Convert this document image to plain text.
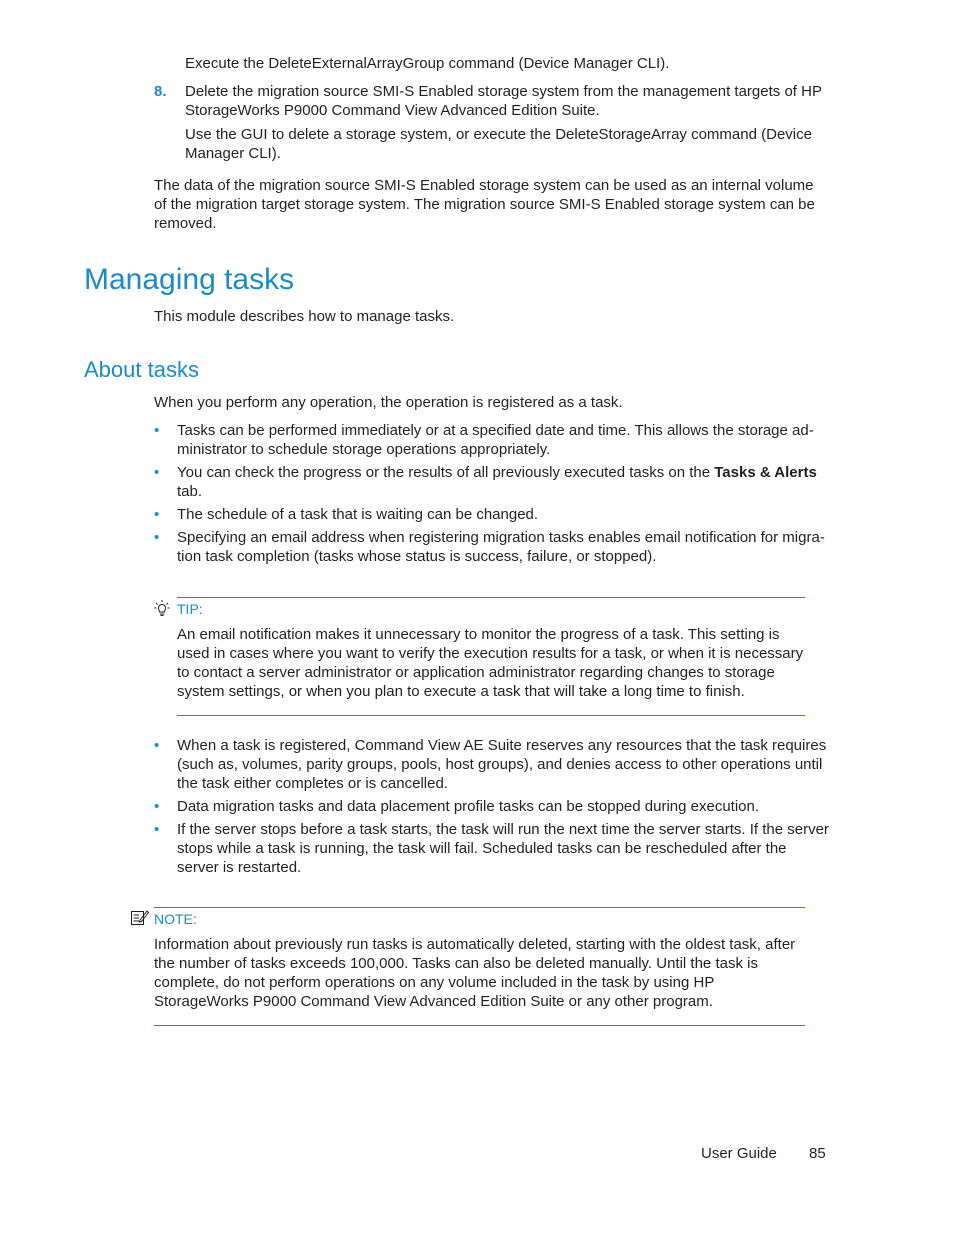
Execute the DeleteExternalArrayGroup command (Device Manager CLI).

8. Delete the migration source SMI-S Enabled storage system from the management targets of HP StorageWorks P9000 Command View Advanced Edition Suite.

Use the GUI to delete a storage system, or execute the DeleteStorageArray command (Device Manager CLI).

The data of the migration source SMI-S Enabled storage system can be used as an internal volume of the migration target storage system. The migration source SMI-S Enabled storage system can be removed.

Managing tasks

This module describes how to manage tasks.

About tasks

When you perform any operation, the operation is registered as a task.

• Tasks can be performed immediately or at a specified date and time. This allows the storage ad-ministrator to schedule storage operations appropriately.

• You can check the progress or the results of all previously executed tasks on the Tasks & Alerts tab.

• The schedule of a task that is waiting can be changed.

• Specifying an email address when registering migration tasks enables email notification for migra-tion task completion (tasks whose status is success, failure, or stopped).

TIP:

An email notification makes it unnecessary to monitor the progress of a task. This setting is used in cases where you want to verify the execution results for a task, or when it is necessary to contact a server administrator or application administrator regarding changes to storage system settings, or when you plan to execute a task that will take a long time to finish.

• When a task is registered, Command View AE Suite reserves any resources that the task requires (such as, volumes, parity groups, pools, host groups), and denies access to other operations until the task either completes or is cancelled.

• Data migration tasks and data placement profile tasks can be stopped during execution.

• If the server stops before a task starts, the task will run the next time the server starts. If the server stops while a task is running, the task will fail. Scheduled tasks can be rescheduled after the server is restarted.

NOTE:

Information about previously run tasks is automatically deleted, starting with the oldest task, after the number of tasks exceeds 100,000. Tasks can also be deleted manually. Until the task is complete, do not perform operations on any volume included in the task by using HP StorageWorks P9000 Command View Advanced Edition Suite or any other program.

User Guide 85
